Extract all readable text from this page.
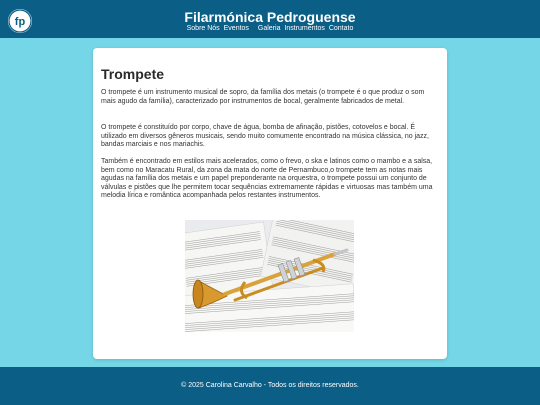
fp	Filarmónica Pedroguense
Sobre Nós Eventos Galeria Instrumentos Contato
Trompete

O trompete é um instrumento musical de sopro, da família dos metais (o trompete é o que produz o som mais agudo da família), caracterizado por instrumentos de bocal, geralmente fabricados de metal.

O trompete é constituído por corpo, chave de água, bomba de afinação, pistões, cotovelos e bocal. É utilizado em diversos gêneros musicais, sendo muito comumente encontrado na música clássica, no jazz, bandas marciais e nos mariachis.

Também é encontrado em estilos mais acelerados, como o frevo, o ska e latinos como o mambo e a salsa, bem como no Maracatu Rural, da zona da mata do norte de Pernambuco,o trompete tem as notas mais agudas na família dos metais e um papel preponderante na orquestra, o trompete possui um conjunto de válvulas e pistões que lhe permitem tocar sequências extremamente rápidas e virtuosas mas também uma melodia lírica e romântica acompanhada pelos restantes instrumentos.

© 2025 Carolina Carvalho - Todos os direitos reservados.
